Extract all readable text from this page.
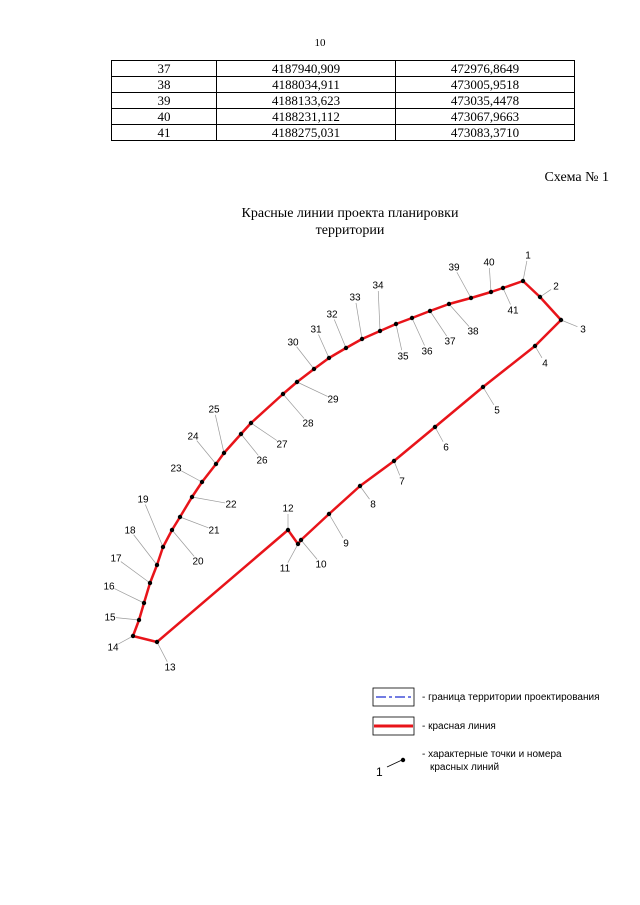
10
37	4187940,909	472976,8649
38	4188034,911	473005,9518
39	4188133,623	473035,4478
40	4188231,112	473067,9663
41	4188275,031	473083,3710
Схема № 1
Красные линии проекта планировки
территории
1
2
3
4
5
6
7
8
9
10
11
12
13
14
15
16
17
18
19
20
21
22
23
24
25
26
27
28
29
30
31
32
33
34
35 36
37
38
39 40
41
- граница территории проектирования
- красная линия
1
- характерные точки и номера
красных линий
